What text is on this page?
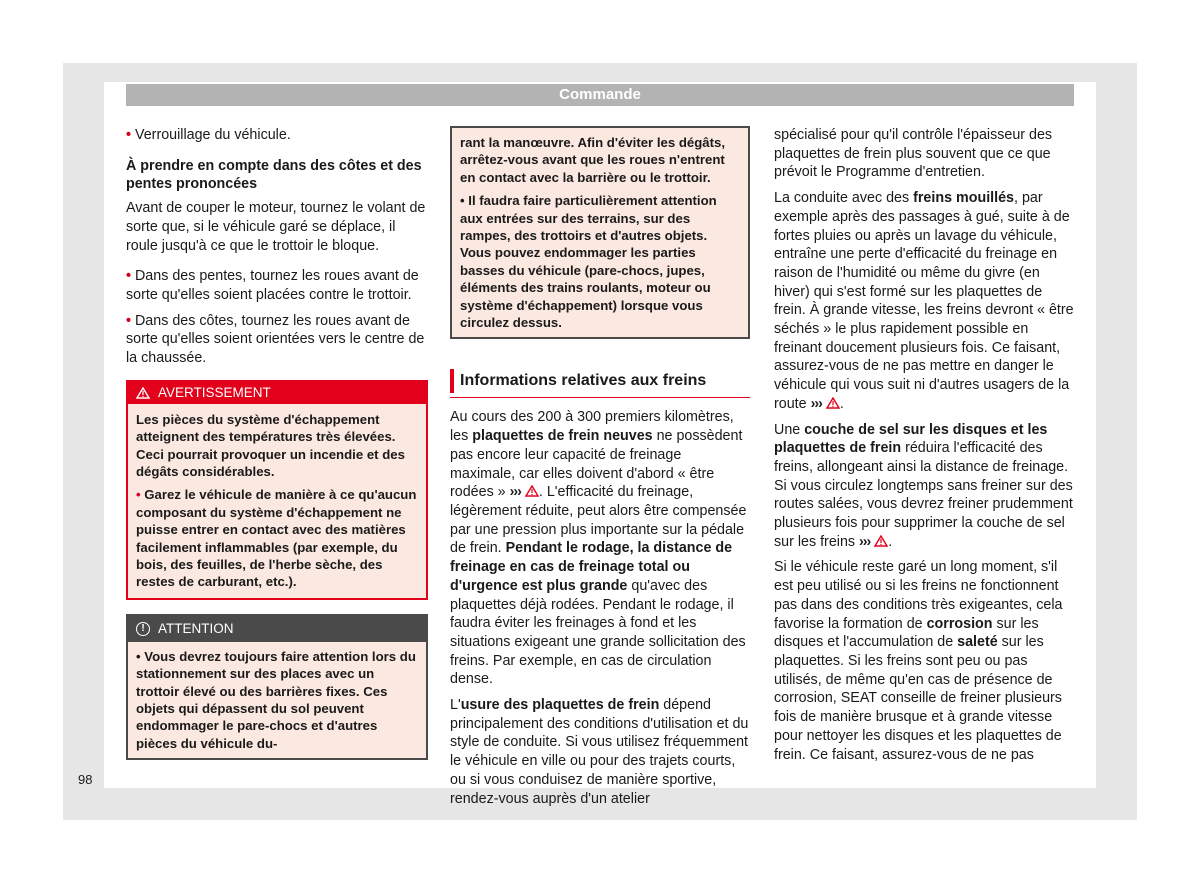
Commande

• Verrouillage du véhicule.

À prendre en compte dans des côtes et des pentes prononcées

Avant de couper le moteur, tournez le volant de sorte que, si le véhicule garé se déplace, il roule jusqu'à ce que le trottoir le bloque.

• Dans des pentes, tournez les roues avant de sorte qu'elles soient placées contre le trottoir.

• Dans des côtes, tournez les roues avant de sorte qu'elles soient orientées vers le centre de la chaussée.

AVERTISSEMENT

Les pièces du système d'échappement atteignent des températures très élevées. Ceci pourrait provoquer un incendie et des dégâts considérables.

• Garez le véhicule de manière à ce qu'aucun composant du système d'échappement ne puisse entrer en contact avec des matières facilement inflammables (par exemple, du bois, des feuilles, de l'herbe sèche, des restes de carburant, etc.).

! ATTENTION
• Vous devrez toujours faire attention lors du stationnement sur des places avec un trottoir élevé ou des barrières fixes. Ces objets qui dépassent du sol peuvent endommager le pare-chocs et d'autres pièces du véhicule du-

rant la manœuvre. Afin d'éviter les dégâts, arrêtez-vous avant que les roues n'entrent en contact avec la barrière ou le trottoir.

• Il faudra faire particulièrement attention aux entrées sur des terrains, sur des rampes, des trottoirs et d'autres objets. Vous pouvez endommager les parties basses du véhicule (pare-chocs, jupes, éléments des trains roulants, moteur ou système d'échappement) lorsque vous circulez dessus.

Informations relatives aux freins

Au cours des 200 à 300 premiers kilomètres, les plaquettes de frein neuves ne possèdent pas encore leur capacité de freinage maximale, car elles doivent d'abord « être rodées » ››› . L'efficacité du freinage, légèrement réduite, peut alors être compensée par une pression plus importante sur la pédale de frein. Pendant le rodage, la distance de freinage en cas de freinage total ou d'urgence est plus grande qu'avec des plaquettes déjà rodées. Pendant le rodage, il faudra éviter les freinages à fond et les situations exigeant une grande sollicitation des freins. Par exemple, en cas de circulation dense.

L'usure des plaquettes de frein dépend principalement des conditions d'utilisation et du style de conduite. Si vous utilisez fréquemment le véhicule en ville ou pour des trajets courts, ou si vous conduisez de manière sportive, rendez-vous auprès d'un atelier

spécialisé pour qu'il contrôle l'épaisseur des plaquettes de frein plus souvent que ce que prévoit le Programme d'entretien.

La conduite avec des freins mouillés, par exemple après des passages à gué, suite à de fortes pluies ou après un lavage du véhicule, entraîne une perte d'efficacité du freinage en raison de l'humidité ou même du givre (en hiver) qui s'est formé sur les plaquettes de frein. À grande vitesse, les freins devront « être séchés » le plus rapidement possible en freinant doucement plusieurs fois. Ce faisant, assurez-vous de ne pas mettre en danger le véhicule qui vous suit ni d'autres usagers de la route ››› .

Une couche de sel sur les disques et les plaquettes de frein réduira l'efficacité des freins, allongeant ainsi la distance de freinage. Si vous circulez longtemps sans freiner sur des routes salées, vous devrez freiner prudemment plusieurs fois pour supprimer la couche de sel sur les freins ››› .

Si le véhicule reste garé un long moment, s'il est peu utilisé ou si les freins ne fonctionnent pas dans des conditions très exigeantes, cela favorise la formation de corrosion sur les disques et l'accumulation de saleté sur les plaquettes. Si les freins sont peu ou pas utilisés, de même qu'en cas de présence de corrosion, SEAT conseille de freiner plusieurs fois de manière brusque et à grande vitesse pour nettoyer les disques et les plaquettes de frein. Ce faisant, assurez-vous de ne pas

98
